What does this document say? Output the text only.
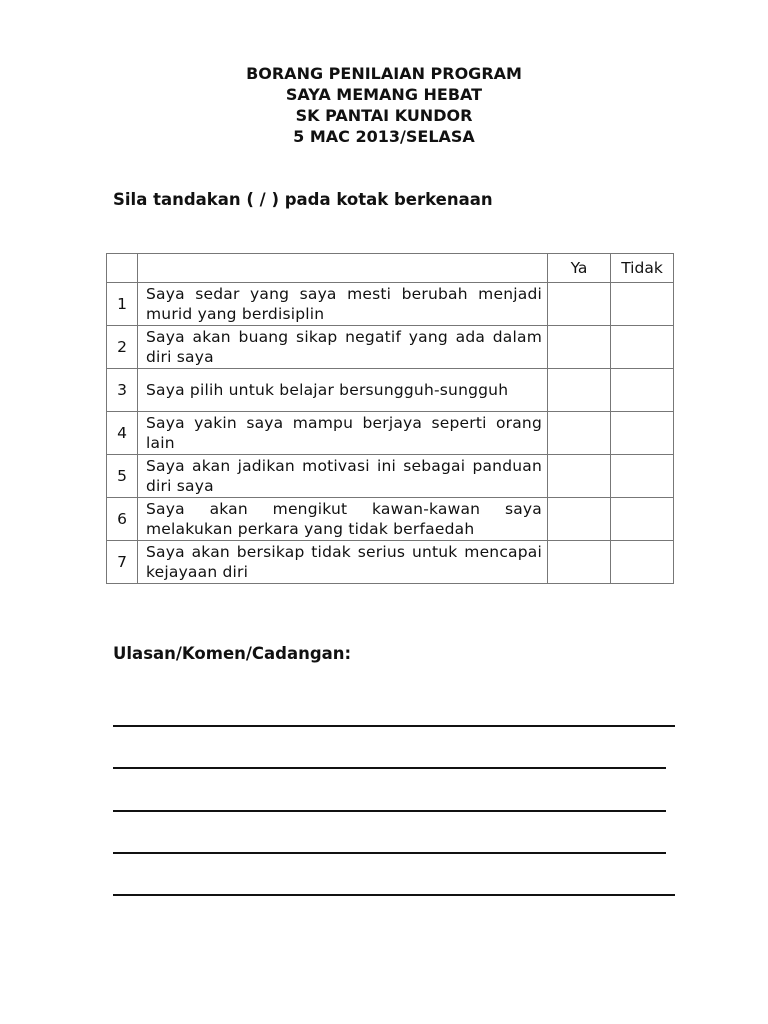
BORANG PENILAIAN PROGRAM
SAYA MEMANG HEBAT
SK PANTAI KUNDOR
5 MAC 2013/SELASA
Sila tandakan ( / ) pada kotak berkenaan
		Ya	Tidak
1	Saya sedar yang saya mesti berubah menjadi murid yang berdisiplin		
2	Saya akan buang sikap negatif yang ada dalam diri saya		
3	Saya pilih untuk belajar bersungguh-sungguh		
4	Saya yakin saya mampu berjaya seperti orang lain		
5	Saya akan jadikan motivasi ini sebagai panduan diri saya		
6	Saya akan mengikut kawan-kawan saya melakukan perkara yang tidak berfaedah		
7	Saya akan bersikap tidak serius untuk mencapai kejayaan diri		
Ulasan/Komen/Cadangan:
